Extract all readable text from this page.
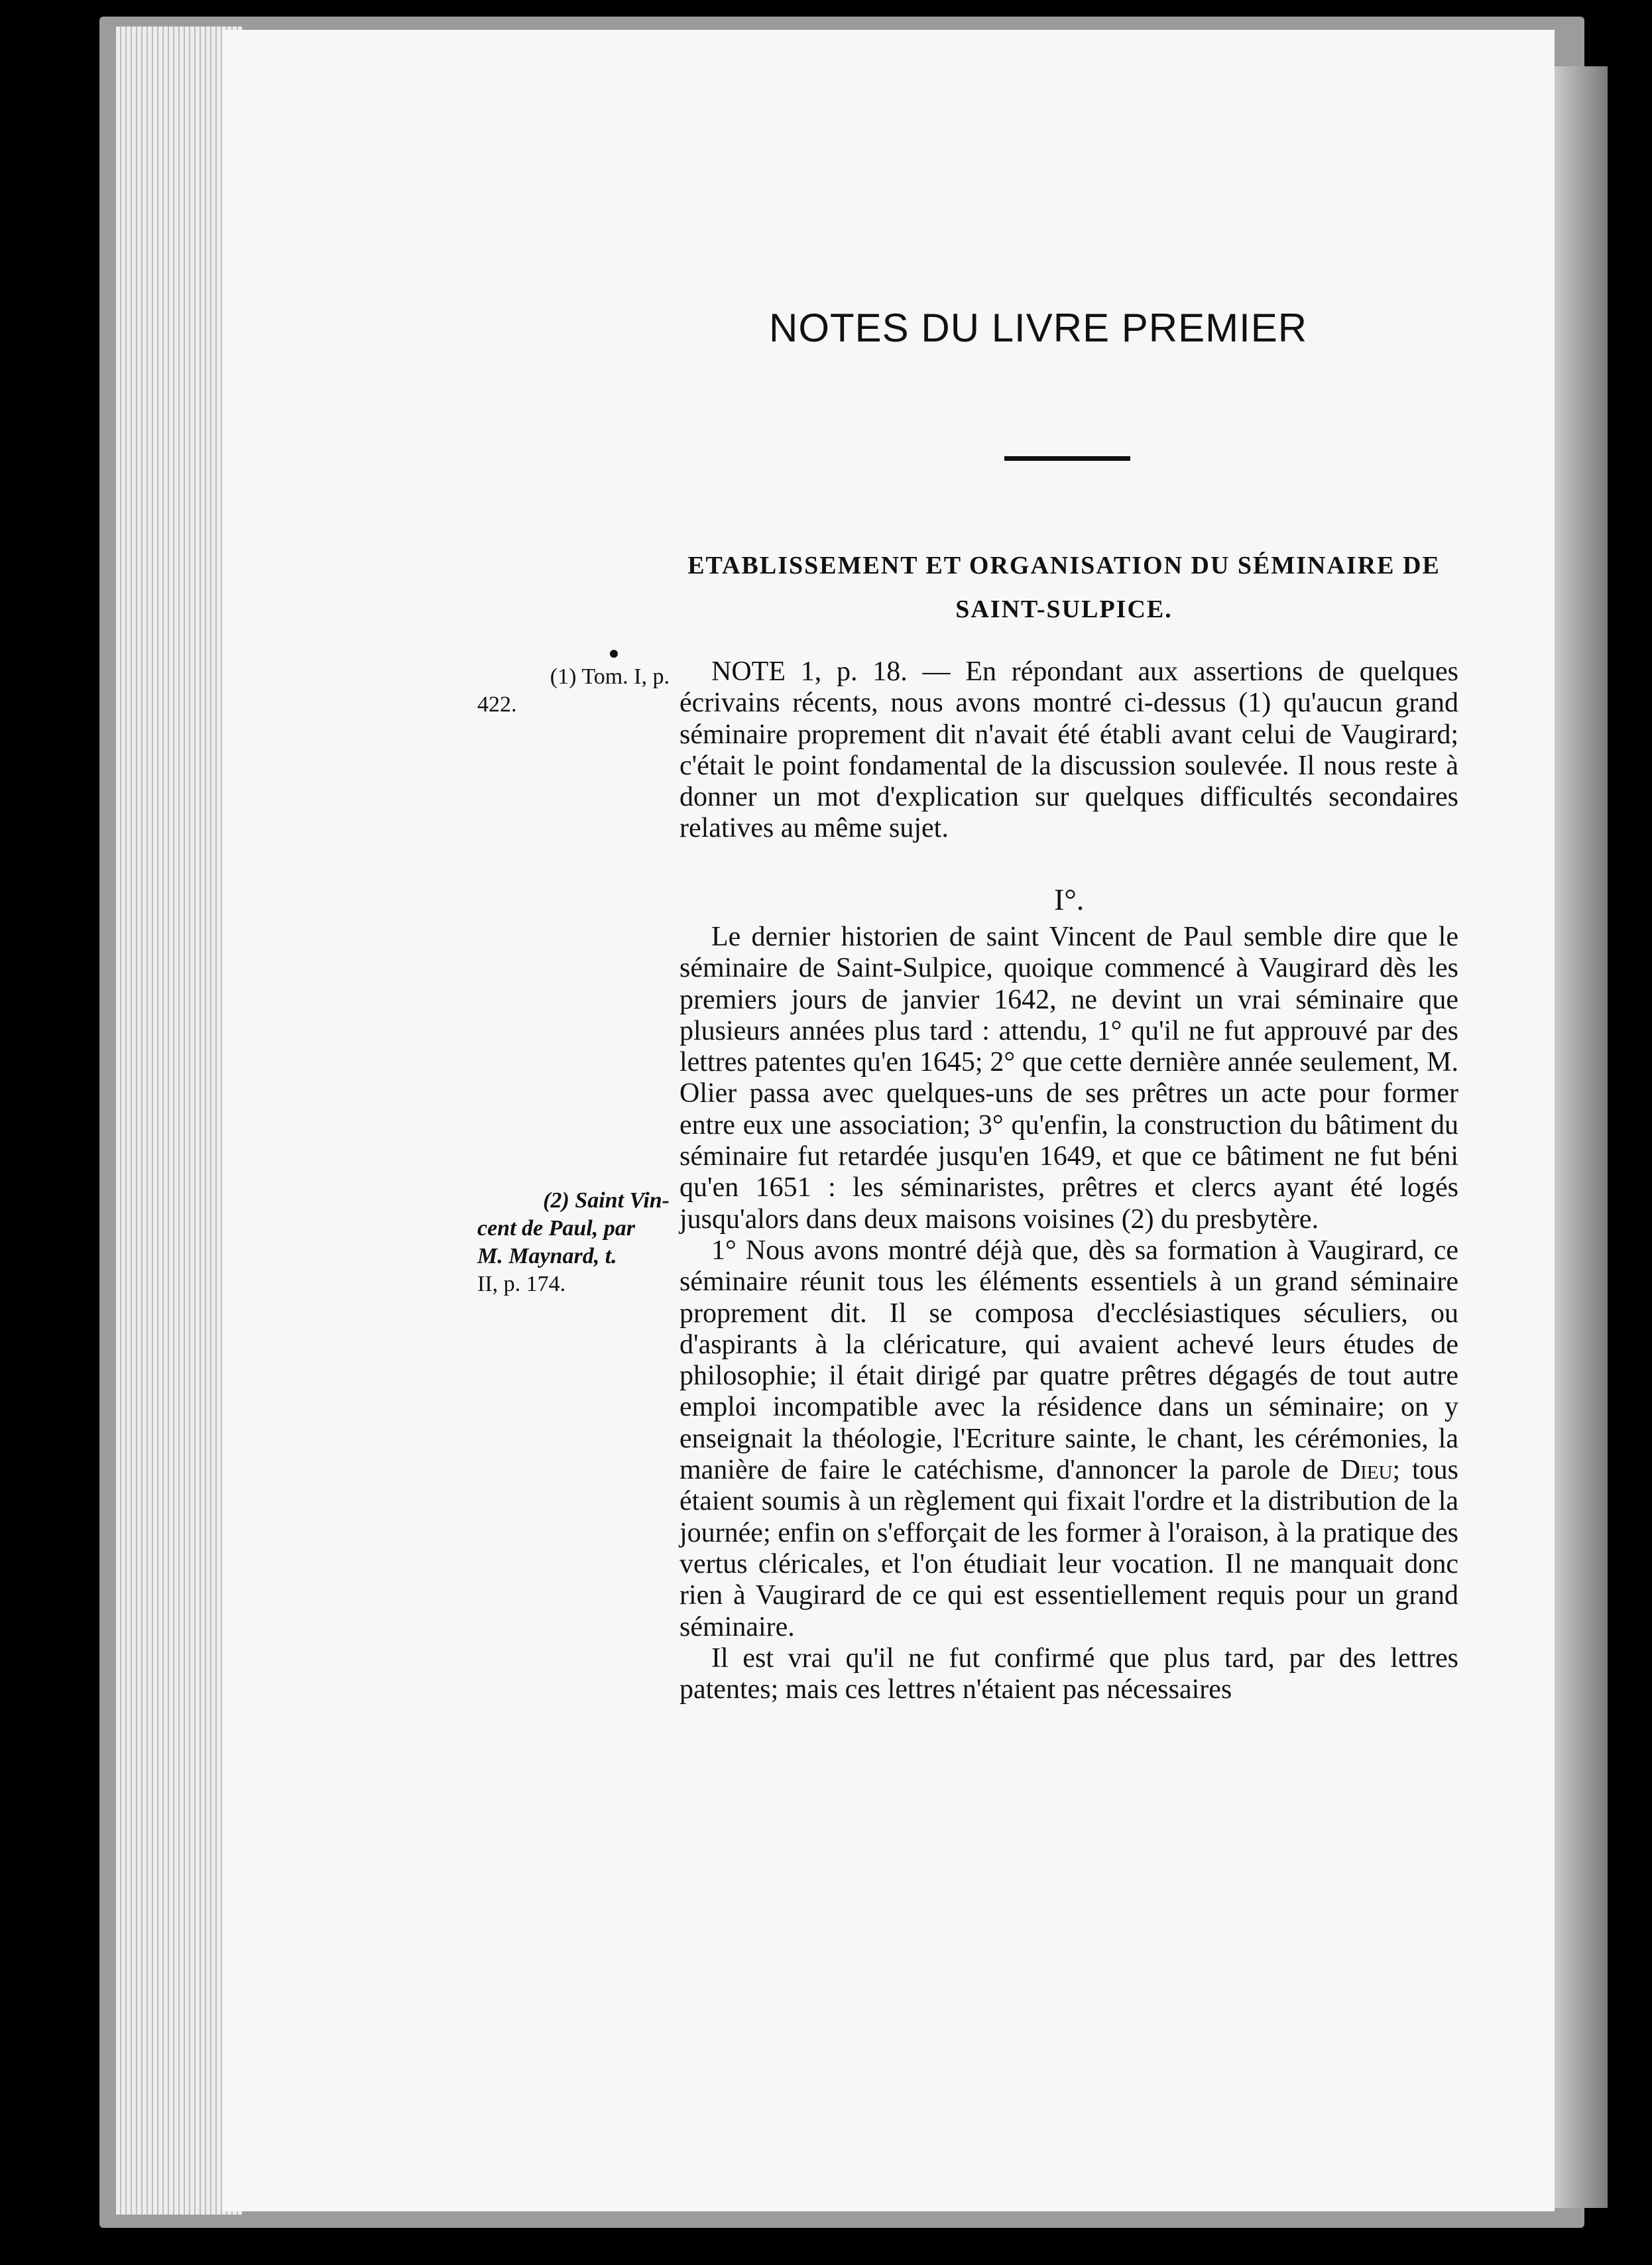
NOTES DU LIVRE PREMIER
ETABLISSEMENT ET ORGANISATION DU SÉMINAIRE DE
SAINT-SULPICE.
(1) Tom. I, p.
422.

NOTE 1, p. 18. — En répondant aux assertions de quelques écrivains récents, nous avons montré ci-dessus (1) qu'aucun grand séminaire proprement dit n'avait été établi avant celui de Vaugirard; c'était le point fondamental de la discussion soulevée. Il nous reste à donner un mot d'explication sur quelques difficultés secondaires relatives au même sujet.

I°.

Le dernier historien de saint Vincent de Paul semble dire que le séminaire de Saint-Sulpice, quoique commencé à Vaugirard dès les premiers jours de janvier 1642, ne devint un vrai séminaire que plusieurs années plus tard : attendu, 1° qu'il ne fut approuvé par des lettres patentes qu'en 1645; 2° que cette dernière année seulement, M. Olier passa avec quelques-uns de ses prêtres un acte pour former entre eux une association; 3° qu'enfin, la construction du bâtiment du séminaire fut retardée jusqu'en 1649, et que ce bâtiment ne fut béni qu'en 1651 : les séminaristes, prêtres et clercs ayant été logés jusqu'alors dans deux maisons voisines (2) du presbytère.

1° Nous avons montré déjà que, dès sa formation à Vaugirard, ce séminaire réunit tous les éléments essentiels à un grand séminaire proprement dit. Il se composa d'ecclésiastiques séculiers, ou d'aspirants à la cléricature, qui avaient achevé leurs études de philosophie; il était dirigé par quatre prêtres dégagés de tout autre emploi incompatible avec la résidence dans un séminaire; on y enseignait la théologie, l'Ecriture sainte, le chant, les cérémonies, la manière de faire le catéchisme, d'annoncer la parole de Dieu; tous étaient soumis à un règlement qui fixait l'ordre et la distribution de la journée; enfin on s'efforçait de les former à l'oraison, à la pratique des vertus cléricales, et l'on étudiait leur vocation. Il ne manquait donc rien à Vaugirard de ce qui est essentiellement requis pour un grand séminaire.

Il est vrai qu'il ne fut confirmé que plus tard, par des lettres patentes; mais ces lettres n'étaient pas nécessaires

(2) Saint Vin-
cent de Paul, par
M. Maynard, t.
II, p. 174.
